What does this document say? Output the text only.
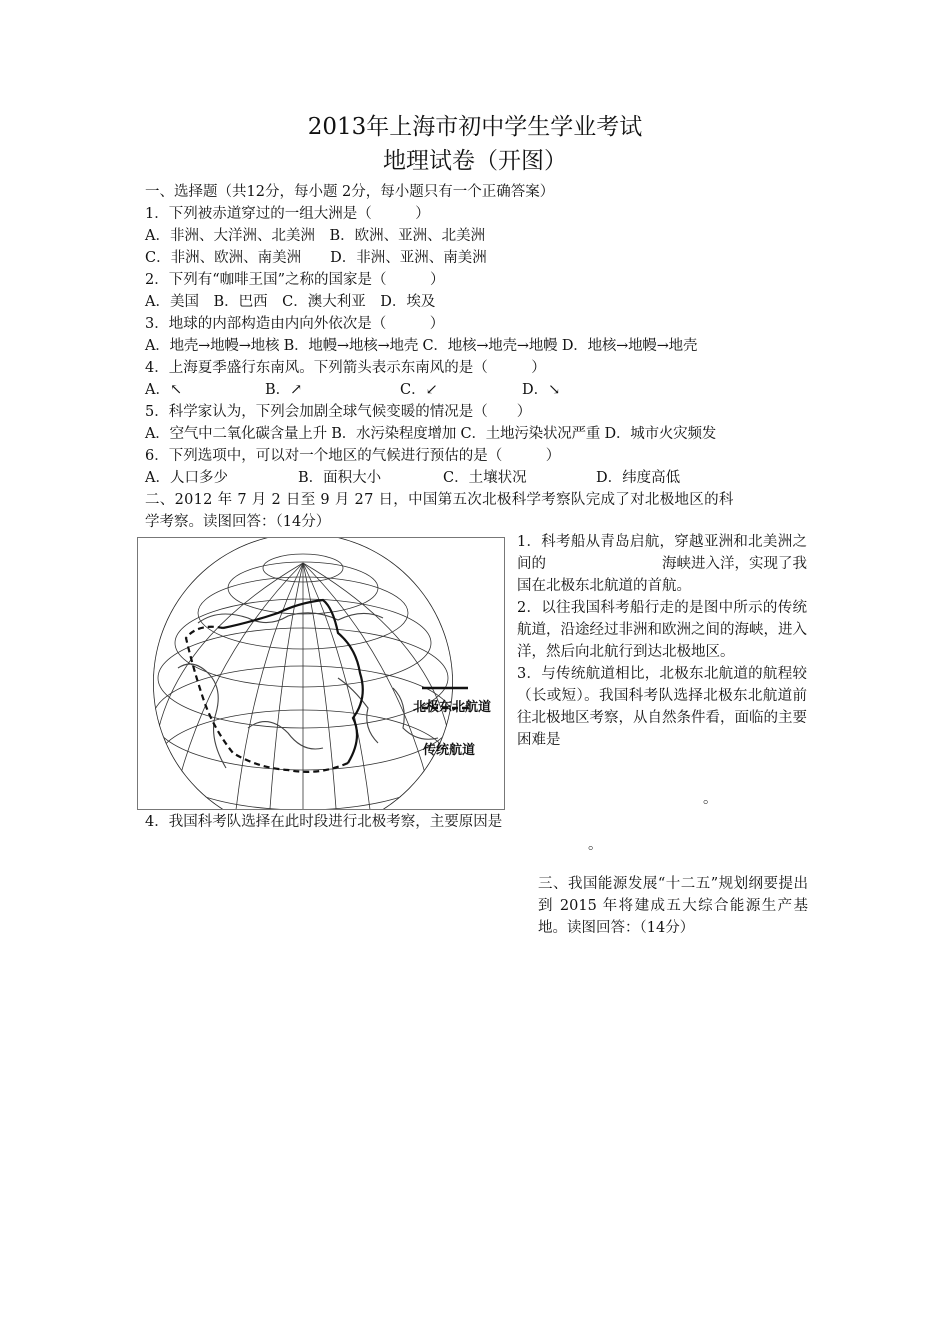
2013年上海市初中学生学业考试
地理试卷（开图）
一、选择题（共12分，每小题 2分，每小题只有一个正确答案）
1．下列被赤道穿过的一组大洲是（　　　）
A．非洲、大洋洲、北美洲　B．欧洲、亚洲、北美洲
C．非洲、欧洲、南美洲　　D．非洲、亚洲、南美洲
2．下列有“咖啡王国”之称的国家是（　　　）
A．美国　B．巴西　C．澳大利亚　D．埃及
3．地球的内部构造由内向外依次是（　　　）
A．地壳→地幔→地核 B．地幔→地核→地壳 C．地核→地壳→地幔 D．地核→地幔→地壳
4．上海夏季盛行东南风。下列箭头表示东南风的是（　　　）
A．↖	B．↗	C．↙	D．↘
5．科学家认为，下列会加剧全球气候变暖的情况是（　　）
A．空气中二氧化碳含量上升 B．水污染程度增加 C．土地污染状况严重 D．城市火灾频发
6．下列选项中，可以对一个地区的气候进行预估的是（　　　）
A．人口多少	B．面积大小	C．土壤状况	D．纬度高低
二、2012 年 7 月 2 日至 9 月 27 日，中国第五次北极科学考察队完成了对北极地区的科
学考察。读图回答：（14分）
北极东北航道
传统航道

1．科考船从青岛启航，穿越亚洲和北美洲之间的　　　　　　　　海峡进入洋，实现了我国在北极东北航道的首航。

2．以往我国科考船行走的是图中所示的传统航道，沿途经过非洲和欧洲之间的海峡，进入　　　　　洋，然后向北航行到达北极地区。

3．与传统航道相比，北极东北航道的航程较　　　　（长或短）。我国科考队选择北极东北航道前往北极地区考察，从自然条件看，面临的主要困难是

。
4．我国科考队选择在此时段进行北极考察，主要原因是
。
三、我国能源发展“十二五”规划纲要提出到 2015 年将建成五大综合能源生产基地。读图回答：（14分）
